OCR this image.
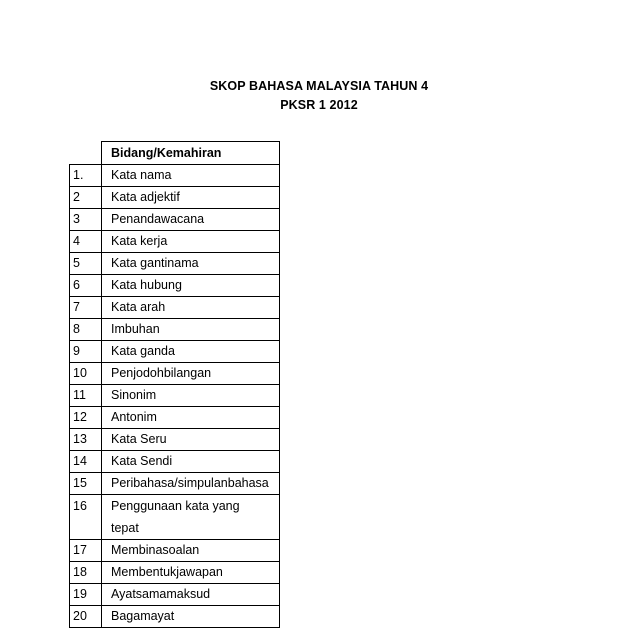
SKOP BAHASA MALAYSIA TAHUN 4
PKSR 1 2012
	Bidang/Kemahiran
1.	Kata nama
2	Kata adjektif
3	Penandawacana
4	Kata kerja
5	Kata gantinama
6	Kata hubung
7	Kata arah
8	Imbuhan
9	Kata ganda
10	Penjodohbilangan
11	Sinonim
12	Antonim
13	Kata Seru
14	Kata Sendi
15	Peribahasa/simpulanbahasa
16	Penggunaan kata yang
tepat

17	Membinasoalan
18	Membentukjawapan
19	Ayatsamamaksud
20	Bagamayat
